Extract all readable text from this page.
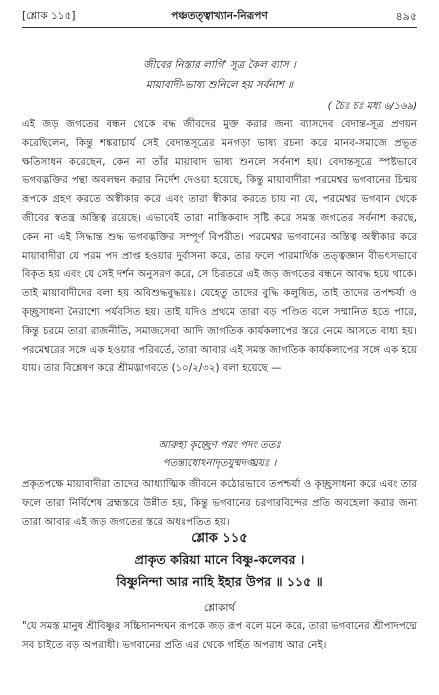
[শ্লোক ১১৫]	পঞ্চতত্ত্বাখ্যান-নিরূপণ	৪৯৫
জীবের নিস্তার লাগি' সূত্র কৈল ব্যাস ।
মায়াবাদী-ভাষ্য শুনিলে হয় সর্বনাশ ॥
( চৈঃ চঃ মধ্য ৬/১৬৯)
এই জড় জগতের বন্ধন থেকে বদ্ধ জীবদের মুক্ত করার জন্য ব্যাসদেব বেদান্ত-সূত্র প্রণয়ন করেছিলেন, কিন্তু শঙ্করাচার্য সেই বেদান্তসূত্রের মনগড়া ভাষ্য রচনা করে মানব-সমাজে প্রভূত ক্ষতিসাধন করেছেন, কেন না তাঁর মায়াবাদ ভাষ্য শুনলে সর্বনাশ হয়। বেদান্তসূত্রে স্পষ্টভাবে ভগবদ্ভক্তির পন্থা অবলম্বন করার নির্দেশ দেওয়া হয়েছে, কিন্তু মায়াবাদীরা পরমেশ্বর ভগবানের চিন্ময় রূপকে গ্রহণ করতে অস্বীকার করে এবং তারা স্বীকার করতে চায় না যে, পরমেশ্বর ভগবান থেকে জীবের স্বতন্ত্র অস্তিত্ব রয়েছে। এভাবেই তারা নাস্তিকবাদ সৃষ্টি করে সমস্ত জগতের সর্বনাশ করছে, কেন না এই সিদ্ধান্ত শুদ্ধ ভগবদ্ভক্তির সম্পূর্ণ বিপরীত। পরমেশ্বর ভগবানের অস্তিত্ব অস্বীকার করে মায়াবাদীরা যে পরম পদ প্রাপ্ত হওয়ার দুর্বাসনা করে, তার ফলে পারমার্থিক তত্ত্বজ্ঞান বীভৎসভাবে বিকৃত হয় এবং যে সেই দর্শন অনুসরণ করে, সে চিরতরে এই জড় জগতের বন্ধনে আবদ্ধ হয়ে থাকে। তাই মায়াবাদীদের বলা হয় অবিশুদ্ধবুদ্ধয়ঃ। যেহেতু তাদের বুদ্ধি কলুষিত, তাই তাদের তপশ্চর্যা ও কৃচ্ছ্রসাধনা নৈরাশ্যে পর্যবসিত হয়। তাই যদিও প্রথমে তারা বড় পণ্ডিত বলে সম্মানিত হতে পারে, কিন্তু চরমে তারা রাজনীতি, সমাজসেবা আদি জাগতিক কার্যকলাপের স্তরে নেমে আসতে বাধ্য হয়। পরমেশ্বরের সঙ্গে এক হওয়ার পরিবর্তে, তারা আবার এই সমস্ত জাগতিক কার্যকলাপের সঙ্গে এক হয়ে যায়। তার বিশ্লেষণ করে শ্রীমদ্ভাগবতে (১০/২/৩২) বলা হয়েছে —
আরুহ্য কৃচ্ছ্রেণ পরং পদং ততঃ
পতন্ত্যধোঽনাদৃতযুষ্মদঙ্ঘ্রয়ঃ ।
প্রকৃতপক্ষে মায়াবাদীরা তাদের আধ্যাত্মিক জীবনে কঠোরভাবে তপশ্চর্যা ও কৃচ্ছ্রসাধনা করে এবং তার ফলে তারা নির্বিশেষ ব্রহ্মস্তরে উন্নীত হয়, কিন্তু ভগবানের চরণারবিন্দের প্রতি অবহেলা করার জন্য তারা আবার এই জড় জগতের স্তরে অধঃপতিত হয়।
শ্লোক ১১৫
প্রাকৃত করিয়া মানে বিষ্ণু-কলেবর ।
বিষ্ণুনিন্দা আর নাহি ইহার উপর ॥ ১১৫ ॥
শ্লোকার্থ
"যে সমস্ত মানুষ শ্রীবিষ্ণুর সচ্চিদানন্দঘন রূপকে জড় রূপ বলে মনে করে, তারা ভগবানের শ্রীপাদপদ্মে সব চাইতে বড় অপরাধী। ভগবানের প্রতি এর থেকে গর্হিত অপরাধ আর নেই।
